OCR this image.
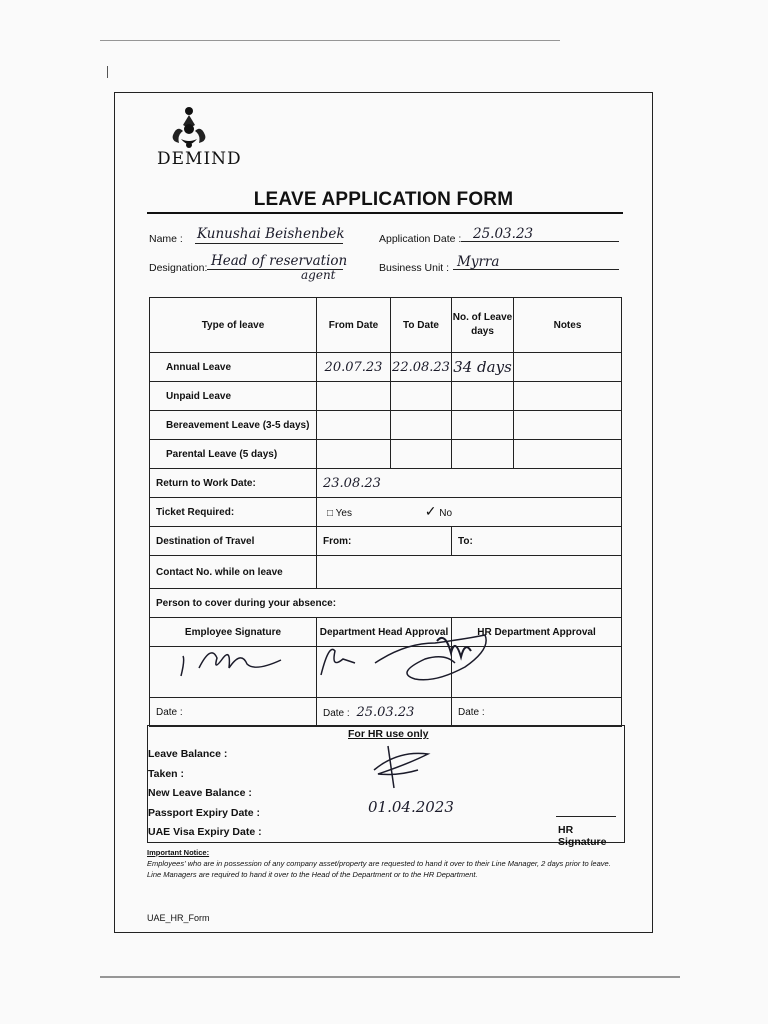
DEMIND
LEAVE APPLICATION FORM
Name : Kunushai Beishenbek	Application Date : 25.03.23
Designation: Head of reservation
agent	Business Unit : Myrra
Type of leave	From Date	To Date	No. of Leave days	Notes
Annual Leave	20.07.23	22.08.23	34 days	
Unpaid Leave				
Bereavement Leave (3-5 days)				
Parental Leave (5 days)				
Return to Work Date:	23.08.23			
Ticket Required:	□ Yes ✓ No			
Destination of Travel	From:		To:	
Contact No. while on leave				
Person to cover during your absence:				
Employee Signature	Department Head Approval		HR Department Approval	

Date :	Date : 25.03.23		Date :	
For HR use only
Leave Balance :
Taken :
New Leave Balance :
Passport Expiry Date :
UAE Visa Expiry Date :
01.04.2023
HR Signature
Important Notice:
Employees' who are in possession of any company asset/property are requested to hand it over to their Line Manager, 2 days prior to leave. Line Managers are required to hand it over to the Head of the Department or to the HR Department.
UAE_HR_Form
